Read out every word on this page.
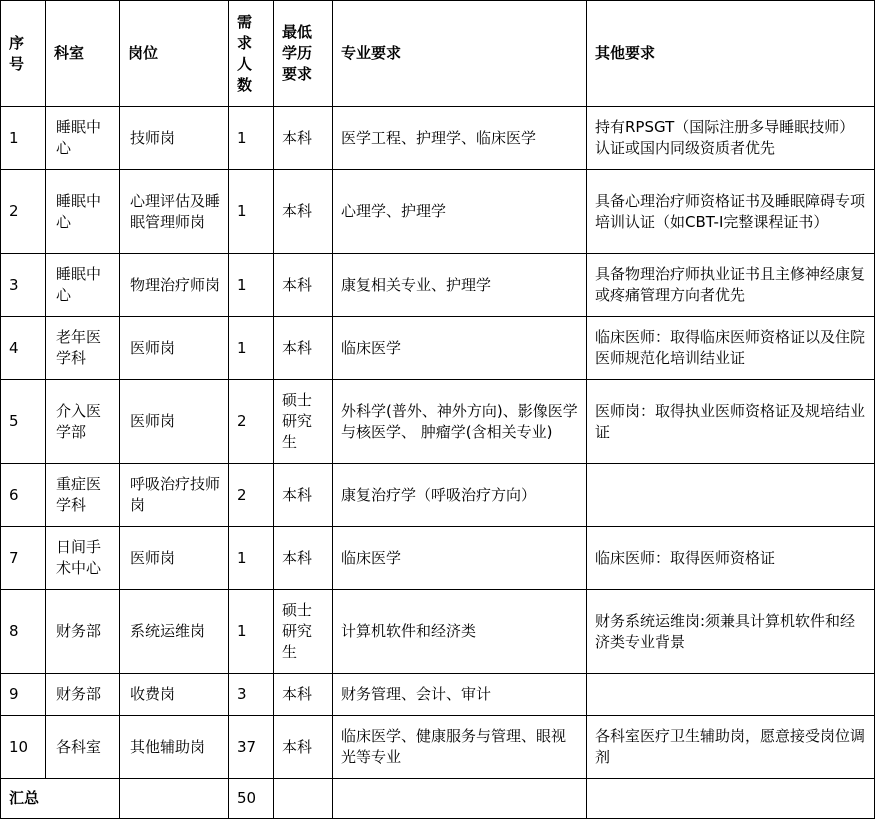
序号	科室	岗位	需求人数	最低学历要求	专业要求	其他要求
1	睡眠中心	技师岗	1	本科	医学工程、护理学、临床医学	持有RPSGT（国际注册多导睡眠技师）认证或国内同级资质者优先
2	睡眠中心	心理评估及睡眠管理师岗	1	本科	心理学、护理学	具备心理治疗师资格证书及睡眠障碍专项培训认证（如CBT-I完整课程证书）
3	睡眠中心	物理治疗师岗	1	本科	康复相关专业、护理学	具备物理治疗师执业证书且主修神经康复或疼痛管理方向者优先
4	老年医学科	医师岗	1	本科	临床医学	临床医师：取得临床医师资格证以及住院医师规范化培训结业证
5	介入医学部	医师岗	2	硕士研究生	外科学(普外、神外方向)、影像医学与核医学、 肿瘤学(含相关专业)	医师岗：取得执业医师资格证及规培结业证
6	重症医学科	呼吸治疗技师岗	2	本科	康复治疗学（呼吸治疗方向）	
7	日间手术中心	医师岗	1	本科	临床医学	临床医师：取得医师资格证
8	财务部	系统运维岗	1	硕士研究生	计算机软件和经济类	财务系统运维岗:须兼具计算机软件和经济类专业背景
9	财务部	收费岗	3	本科	财务管理、会计、审计	
10	各科室	其他辅助岗	37	本科	临床医学、健康服务与管理、眼视光等专业	各科室医疗卫生辅助岗，愿意接受岗位调剂
汇总			50			
